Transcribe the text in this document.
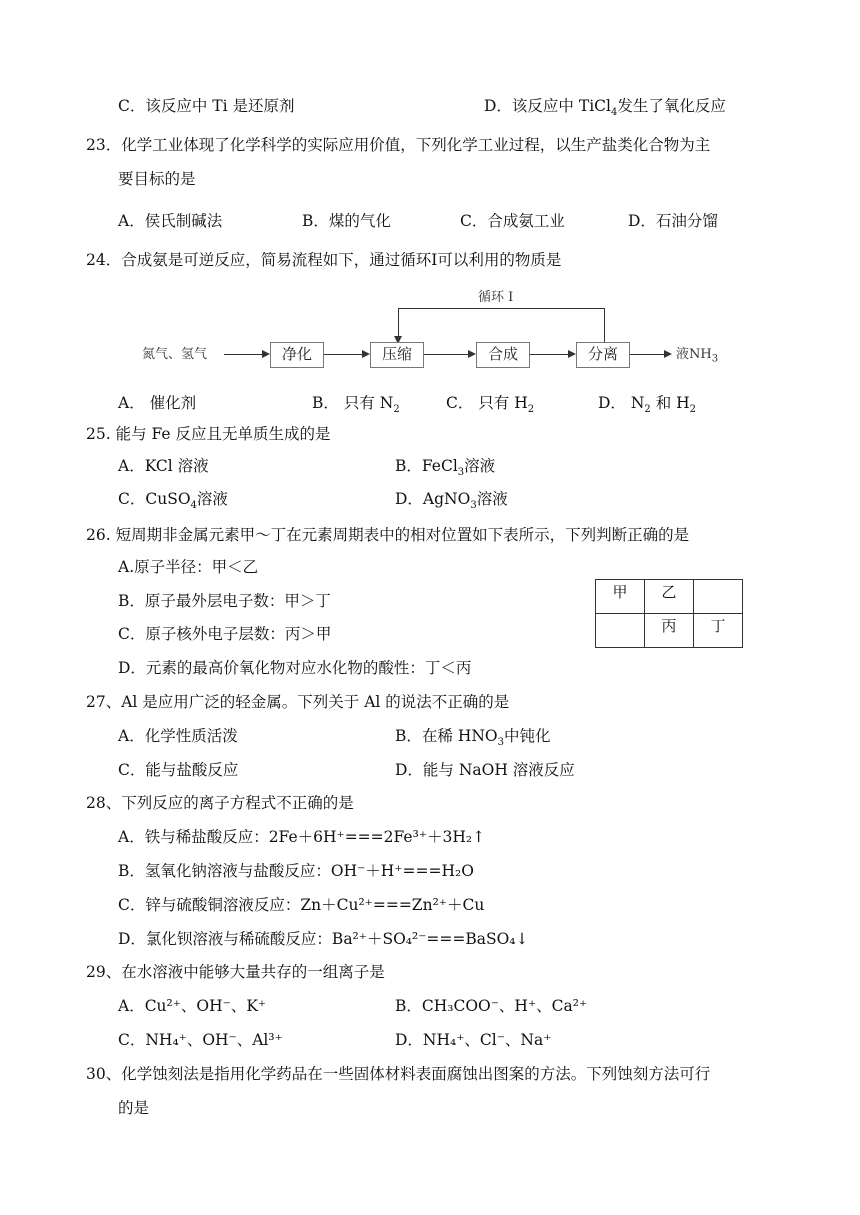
C．该反应中 Ti 是还原剂	D．该反应中 TiCl$_4$发生了氧化反应
23．化学工业体现了化学科学的实际应用价值，下列化学工业过程，以生产盐类化合物为主
要目标的是
A．侯氏制碱法	B．煤的气化	C．合成氨工业	D．石油分馏
24．合成氨是可逆反应，简易流程如下，通过循环Ⅰ可以利用的物质是
循环 Ⅰ
氮气、氢气	净化	压缩	合成	分离	液$NH_3$
A． 催化剂	B． 只有 $N_2$	C． 只有 $H_2$	D． $N_2$ 和 $H_2$
25. 能与 Fe 反应且无单质生成的是
A．KCl 溶液	B．FeCl$_3$溶液
C．CuSO$_4$溶液	D．AgNO$_3$溶液
26. 短周期非金属元素甲～丁在元素周期表中的相对位置如下表所示，下列判断正确的是
A.原子半径：甲＜乙
B．原子最外层电子数：甲＞丁
C．原子核外电子层数：丙＞甲
D．元素的最高价氧化物对应水化物的酸性：丁＜丙
甲	乙	
	丙	丁
27、Al 是应用广泛的轻金属。下列关于 Al 的说法不正确的是
A．化学性质活泼	B．在稀 $HNO_3$中钝化
C．能与盐酸反应	D．能与 NaOH 溶液反应
28、下列反应的离子方程式不正确的是
A．铁与稀盐酸反应：2Fe＋6H⁺===2Fe³⁺＋3H₂↑
B．氢氧化钠溶液与盐酸反应：OH⁻＋H⁺===H₂O
C．锌与硫酸铜溶液反应：Zn＋Cu²⁺===Zn²⁺＋Cu
D．氯化钡溶液与稀硫酸反应：Ba²⁺＋SO₄²⁻===BaSO₄↓
29、在水溶液中能够大量共存的一组离子是
A．Cu²⁺、OH⁻、K⁺	B．CH₃COO⁻、H⁺、Ca²⁺
C．NH₄⁺、OH⁻、Al³⁺	D．NH₄⁺、Cl⁻、Na⁺
30、化学蚀刻法是指用化学药品在一些固体材料表面腐蚀出图案的方法。下列蚀刻方法可行
的是
